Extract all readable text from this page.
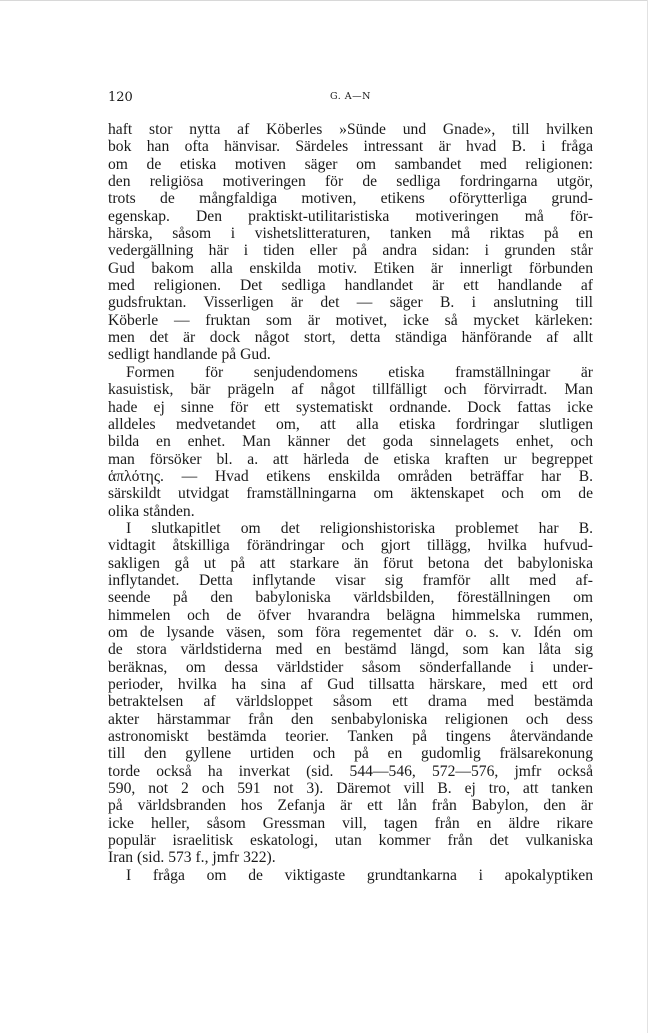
120	G. A—N
haft stor nytta af Köberles »Sünde und Gnade», till hvilken
bok han ofta hänvisar. Särdeles intressant är hvad B. i fråga
om de etiska motiven säger om sambandet med religionen:
den religiösa motiveringen för de sedliga fordringarna utgör,
trots de mångfaldiga motiven, etikens oförytterliga grund-
egenskap. Den praktiskt-utilitaristiska motiveringen må för-
härska, såsom i vishetslitteraturen, tanken må riktas på en
vedergällning här i tiden eller på andra sidan: i grunden står
Gud bakom alla enskilda motiv. Etiken är innerligt förbunden
med religionen. Det sedliga handlandet är ett handlande af
gudsfruktan. Visserligen är det — säger B. i anslutning till
Köberle — fruktan som är motivet, icke så mycket kärleken:
men det är dock något stort, detta ständiga hänförande af allt
sedligt handlande på Gud.
Formen för senjudendomens etiska framställningar är
kasuistisk, bär prägeln af något tillfälligt och förvirradt. Man
hade ej sinne för ett systematiskt ordnande. Dock fattas icke
alldeles medvetandet om, att alla etiska fordringar slutligen
bilda en enhet. Man känner det goda sinnelagets enhet, och
man försöker bl. a. att härleda de etiska kraften ur begreppet
ἁπλότης. — Hvad etikens enskilda områden beträffar har B.
särskildt utvidgat framställningarna om äktenskapet och om de
olika stånden.
I slutkapitlet om det religionshistoriska problemet har B.
vidtagit åtskilliga förändringar och gjort tillägg, hvilka hufvud-
sakligen gå ut på att starkare än förut betona det babyloniska
inflytandet. Detta inflytande visar sig framför allt med af-
seende på den babyloniska världsbilden, föreställningen om
himmelen och de öfver hvarandra belägna himmelska rummen,
om de lysande väsen, som föra regementet där o. s. v. Idén om
de stora världstiderna med en bestämd längd, som kan låta sig
beräknas, om dessa världstider såsom sönderfallande i under-
perioder, hvilka ha sina af Gud tillsatta härskare, med ett ord
betraktelsen af världsloppet såsom ett drama med bestämda
akter härstammar från den senbabyloniska religionen och dess
astronomiskt bestämda teorier. Tanken på tingens återvändande
till den gyllene urtiden och på en gudomlig frälsarekonung
torde också ha inverkat (sid. 544—546, 572—576, jmfr också
590, not 2 och 591 not 3). Däremot vill B. ej tro, att tanken
på världsbranden hos Zefanja är ett lån från Babylon, den är
icke heller, såsom Gressman vill, tagen från en äldre rikare
populär israelitisk eskatologi, utan kommer från det vulkaniska
Iran (sid. 573 f., jmfr 322).
I fråga om de viktigaste grundtankarna i apokalyptiken
